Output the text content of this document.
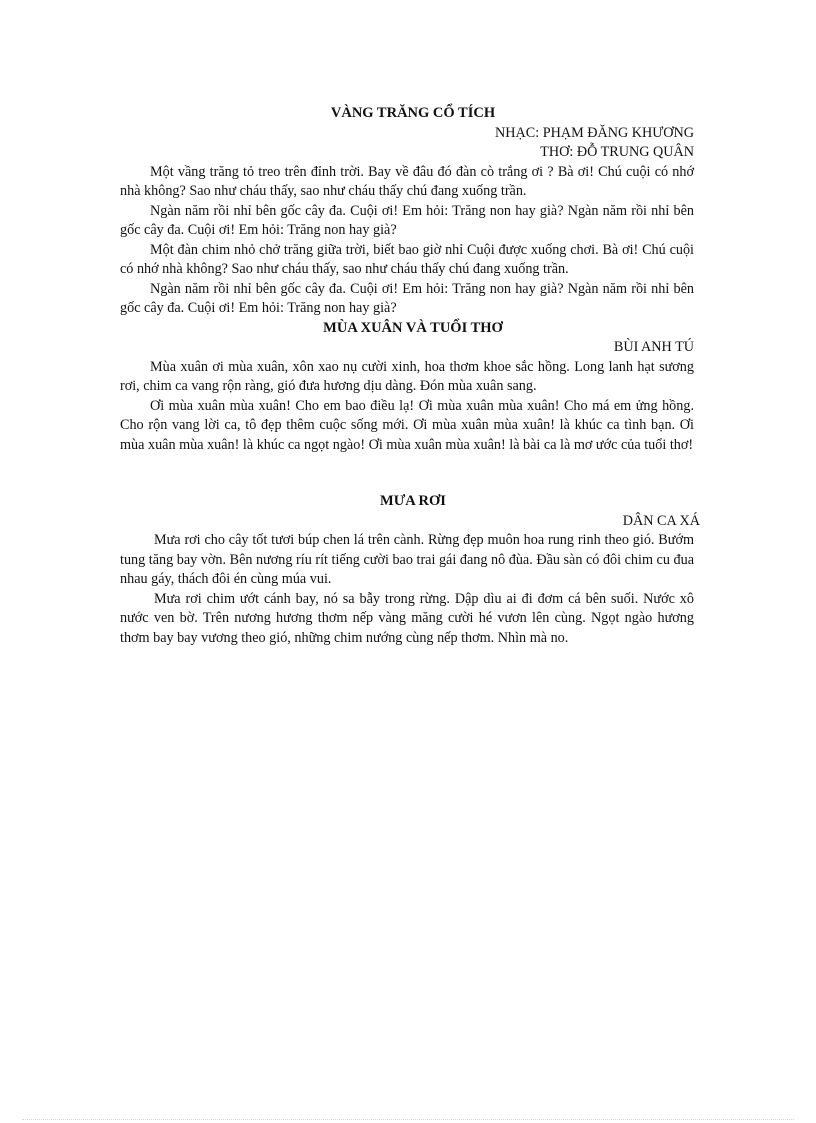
VÀNG TRĂNG CỔ TÍCH

NHẠC: PHẠM ĐĂNG KHƯƠNG

THƠ: ĐỖ TRUNG QUÂN

Một vầng trăng tỏ treo trên đỉnh trời. Bay về đâu đó đàn cò trắng ơi ? Bà ơi! Chú cuội có nhớ nhà không? Sao như cháu thấy, sao như cháu thấy chú đang xuống trần.

Ngàn năm rồi nhỉ bên gốc cây đa. Cuội ơi! Em hỏi: Trăng non hay già? Ngàn năm rồi nhỉ bên gốc cây đa. Cuội ơi! Em hỏi: Trăng non hay già?

Một đàn chim nhỏ chở trăng giữa trời, biết bao giờ nhỉ Cuội được xuống chơi. Bà ơi! Chú cuội có nhớ nhà không? Sao như cháu thấy, sao như cháu thấy chú đang xuống trần.

Ngàn năm rồi nhỉ bên gốc cây đa. Cuội ơi! Em hỏi: Trăng non hay già? Ngàn năm rồi nhỉ bên gốc cây đa. Cuội ơi! Em hỏi: Trăng non hay già?

MÙA XUÂN VÀ TUỔI THƠ

BÙI ANH TÚ

Mùa xuân ơi mùa xuân, xôn xao nụ cười xinh, hoa thơm khoe sắc hồng. Long lanh hạt sương rơi, chim ca vang rộn ràng, gió đưa hương dịu dàng. Đón mùa xuân sang.

Ơi mùa xuân mùa xuân! Cho em bao điều lạ! Ơi mùa xuân mùa xuân! Cho má em ửng hồng. Cho rộn vang lời ca, tô đẹp thêm cuộc sống mới. Ơi mùa xuân mùa xuân! là khúc ca tình bạn. Ơi mùa xuân mùa xuân! là khúc ca ngọt ngào! Ơi mùa xuân mùa xuân! là bài ca là mơ ước của tuổi thơ!

MƯA RƠI

DÂN CA XÁ

Mưa rơi cho cây tốt tươi búp chen lá trên cành. Rừng đẹp muôn hoa rung rinh theo gió. Bướm tung tăng bay vờn. Bên nương ríu rít tiếng cười bao trai gái đang nô đùa. Đầu sàn có đôi chim cu đua nhau gáy, thách đôi én cùng múa vui.

Mưa rơi chim ướt cánh bay, nó sa bẫy trong rừng. Dập dìu ai đi đơm cá bên suối. Nước xô nước ven bờ. Trên nương hương thơm nếp vàng măng cười hé vươn lên cùng. Ngọt ngào hương thơm bay bay vương theo gió, những chim nướng cùng nếp thơm. Nhìn mà no.
